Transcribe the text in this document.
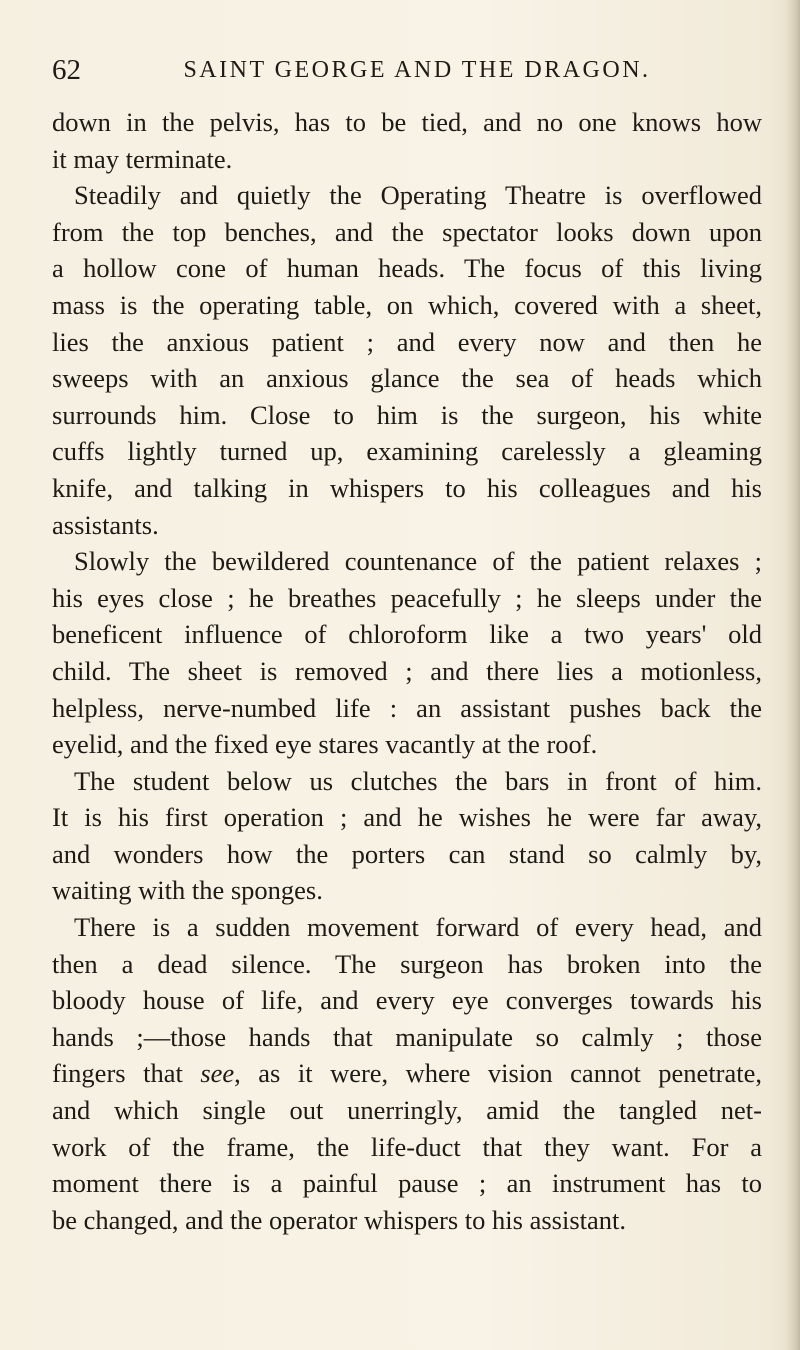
62	SAINT GEORGE AND THE DRAGON.
down in the pelvis, has to be tied, and no one knows how
it may terminate.
Steadily and quietly the Operating Theatre is overflowed
from the top benches, and the spectator looks down upon
a hollow cone of human heads. The focus of this living
mass is the operating table, on which, covered with a sheet,
lies the anxious patient ; and every now and then he
sweeps with an anxious glance the sea of heads which
surrounds him. Close to him is the surgeon, his white
cuffs lightly turned up, examining carelessly a gleaming
knife, and talking in whispers to his colleagues and his
assistants.
Slowly the bewildered countenance of the patient relaxes ;
his eyes close ; he breathes peacefully ; he sleeps under the
beneficent influence of chloroform like a two years' old
child. The sheet is removed ; and there lies a motionless,
helpless, nerve-numbed life : an assistant pushes back the
eyelid, and the fixed eye stares vacantly at the roof.
The student below us clutches the bars in front of him.
It is his first operation ; and he wishes he were far away,
and wonders how the porters can stand so calmly by,
waiting with the sponges.
There is a sudden movement forward of every head, and
then a dead silence. The surgeon has broken into the
bloody house of life, and every eye converges towards his
hands ;—those hands that manipulate so calmly ; those
fingers that see, as it were, where vision cannot penetrate,
and which single out unerringly, amid the tangled net-
work of the frame, the life-duct that they want. For a
moment there is a painful pause ; an instrument has to
be changed, and the operator whispers to his assistant.
